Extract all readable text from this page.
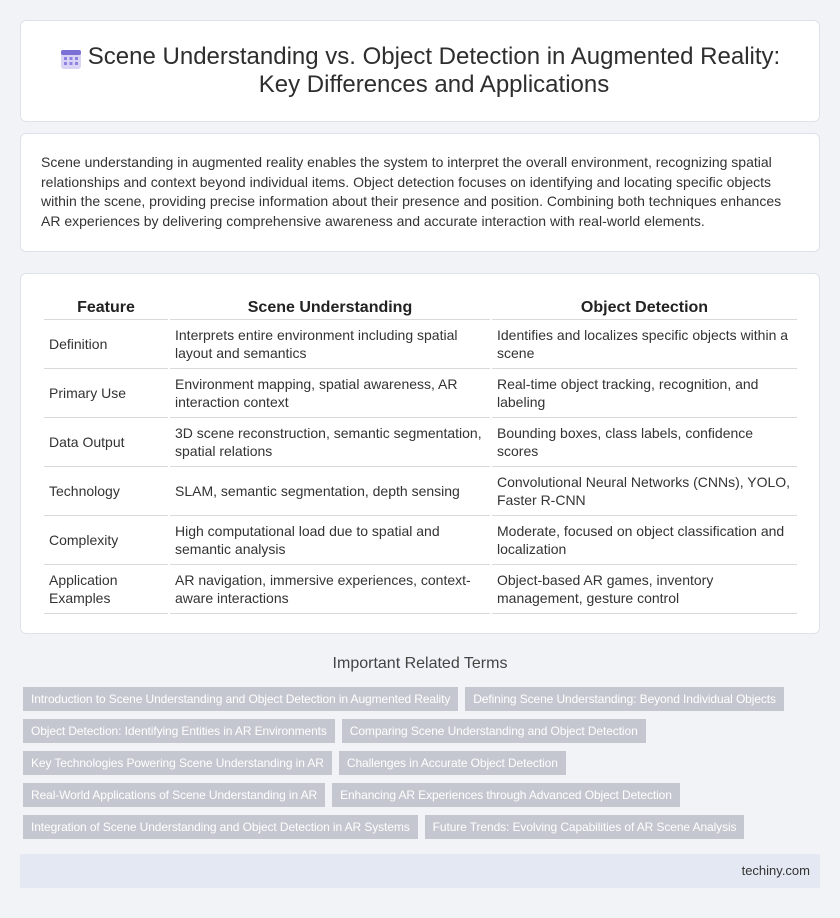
Scene Understanding vs. Object Detection in Augmented Reality: Key Differences and Applications

Scene understanding in augmented reality enables the system to interpret the overall environment, recognizing spatial relationships and context beyond individual items. Object detection focuses on identifying and locating specific objects within the scene, providing precise information about their presence and position. Combining both techniques enhances AR experiences by delivering comprehensive awareness and accurate interaction with real-world elements.

Feature	Scene Understanding	Object Detection
Definition	Interprets entire environment including spatial layout and semantics	Identifies and localizes specific objects within a scene
Primary Use	Environment mapping, spatial awareness, AR interaction context	Real-time object tracking, recognition, and labeling
Data Output	3D scene reconstruction, semantic segmentation, spatial relations	Bounding boxes, class labels, confidence scores
Technology	SLAM, semantic segmentation, depth sensing	Convolutional Neural Networks (CNNs), YOLO, Faster R-CNN
Complexity	High computational load due to spatial and semantic analysis	Moderate, focused on object classification and localization
Application Examples	AR navigation, immersive experiences, context-aware interactions	Object-based AR games, inventory management, gesture control
Important Related Terms
Introduction to Scene Understanding and Object Detection in Augmented Reality	Defining Scene Understanding: Beyond Individual Objects
Object Detection: Identifying Entities in AR Environments	Comparing Scene Understanding and Object Detection
Key Technologies Powering Scene Understanding in AR	Challenges in Accurate Object Detection
Real-World Applications of Scene Understanding in AR	Enhancing AR Experiences through Advanced Object Detection
Integration of Scene Understanding and Object Detection in AR Systems	Future Trends: Evolving Capabilities of AR Scene Analysis
techiny.com
